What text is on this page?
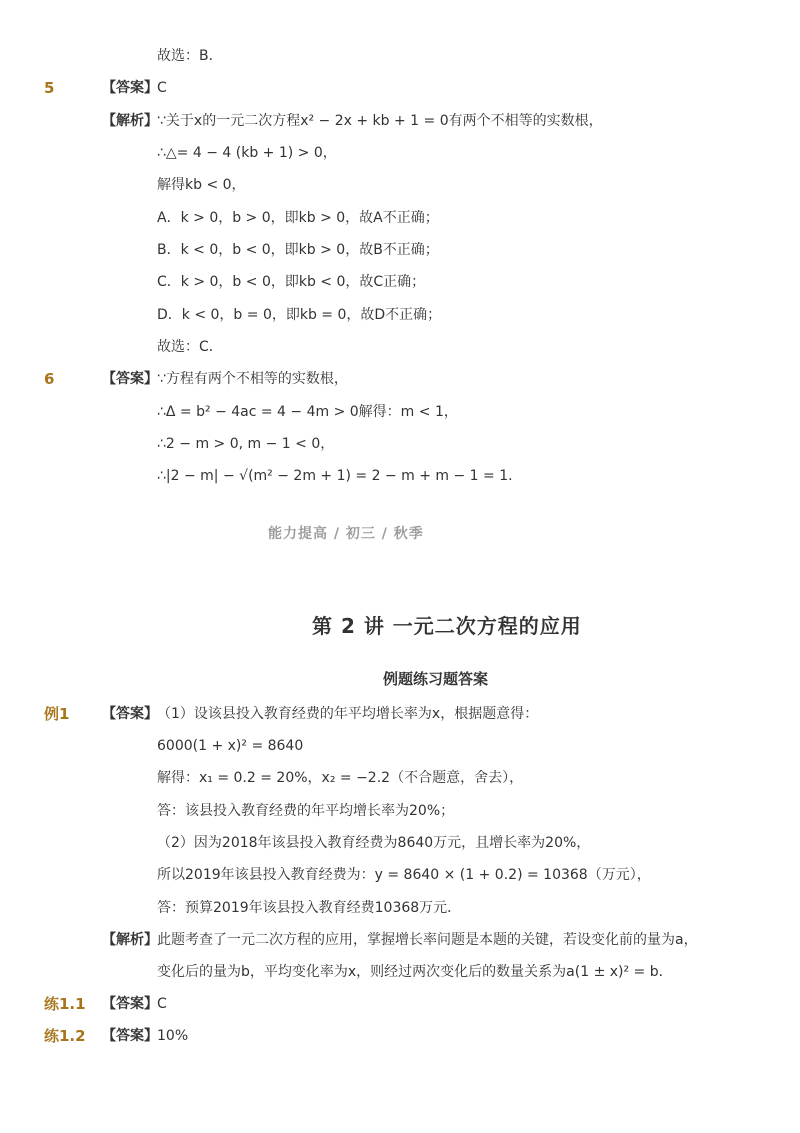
故选：B．
5	【答案】 C
【解析】 ∵关于x的一元二次方程x² − 2x + kb + 1 = 0有两个不相等的实数根，
∴△= 4 − 4 (kb + 1) > 0，
解得kb < 0，
A．k > 0，b > 0，即kb > 0，故A不正确；
B．k < 0，b < 0，即kb > 0，故B不正确；
C．k > 0，b < 0，即kb < 0，故C正确；
D．k < 0，b = 0，即kb = 0，故D不正确；
故选：C．
6	【答案】 ∵方程有两个不相等的实数根，
∴Δ = b² − 4ac = 4 − 4m > 0解得：m < 1，
∴2 − m > 0, m − 1 < 0，
∴|2 − m| − √(m² − 2m + 1) = 2 − m + m − 1 = 1．
能力提高 / 初三 / 秋季
第 2 讲 一元二次方程的应用
例题练习题答案
例1 【答案】 （1）设该县投入教育经费的年平均增长率为x，根据题意得：
6000(1 + x)² = 8640
解得：x₁ = 0.2 = 20%，x₂ = −2.2（不合题意，舍去），
答：该县投入教育经费的年平均增长率为20%；
（2）因为2018年该县投入教育经费为8640万元，且增长率为20%，
所以2019年该县投入教育经费为：y = 8640 × (1 + 0.2) = 10368（万元），
答：预算2019年该县投入教育经费10368万元．
【解析】 此题考查了一元二次方程的应用，掌握增长率问题是本题的关键，若设变化前的量为a，
变化后的量为b，平均变化率为x，则经过两次变化后的数量关系为a(1 ± x)² = b．
练1.1 【答案】 C
练1.2 【答案】 10%
